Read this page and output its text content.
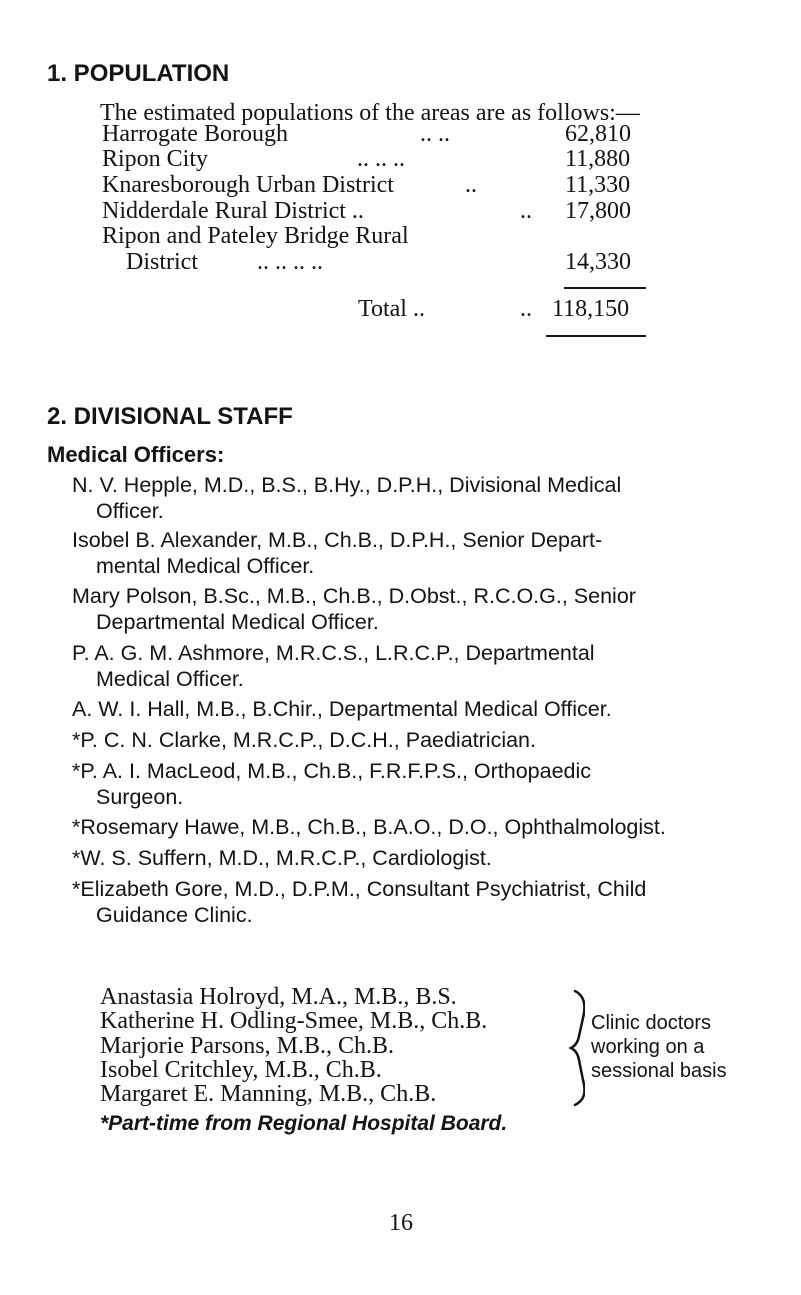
1. POPULATION
The estimated populations of the areas are as follows:—
Harrogate Borough	.. ..	62,810
Ripon City	.. .. ..	11,880
Knaresborough Urban District	..	11,330
Nidderdale Rural District ..	.. 17,800
Ripon and Pateley Bridge Rural
District .. .. .. ..	14,330
Total ..	.. 118,150
2. DIVISIONAL STAFF
Medical Officers:
N. V. Hepple, M.D., B.S., B.Hy., D.P.H., Divisional Medical
Officer.
Isobel B. Alexander, M.B., Ch.B., D.P.H., Senior Depart-
mental Medical Officer.
Mary Polson, B.Sc., M.B., Ch.B., D.Obst., R.C.O.G., Senior
Departmental Medical Officer.
P. A. G. M. Ashmore, M.R.C.S., L.R.C.P., Departmental
Medical Officer.
A. W. I. Hall, M.B., B.Chir., Departmental Medical Officer.
*P. C. N. Clarke, M.R.C.P., D.C.H., Paediatrician.
*P. A. I. MacLeod, M.B., Ch.B., F.R.F.P.S., Orthopaedic
Surgeon.
*Rosemary Hawe, M.B., Ch.B., B.A.O., D.O., Ophthalmologist.
*W. S. Suffern, M.D., M.R.C.P., Cardiologist.
*Elizabeth Gore, M.D., D.P.M., Consultant Psychiatrist, Child
Guidance Clinic.
Anastasia Holroyd, M.A., M.B., B.S.
Katherine H. Odling-Smee, M.B., Ch.B.
Marjorie Parsons, M.B., Ch.B.
Isobel Critchley, M.B., Ch.B.
Margaret E. Manning, M.B., Ch.B.
Clinic doctors
working on a
sessional basis
*Part-time from Regional Hospital Board.
16
